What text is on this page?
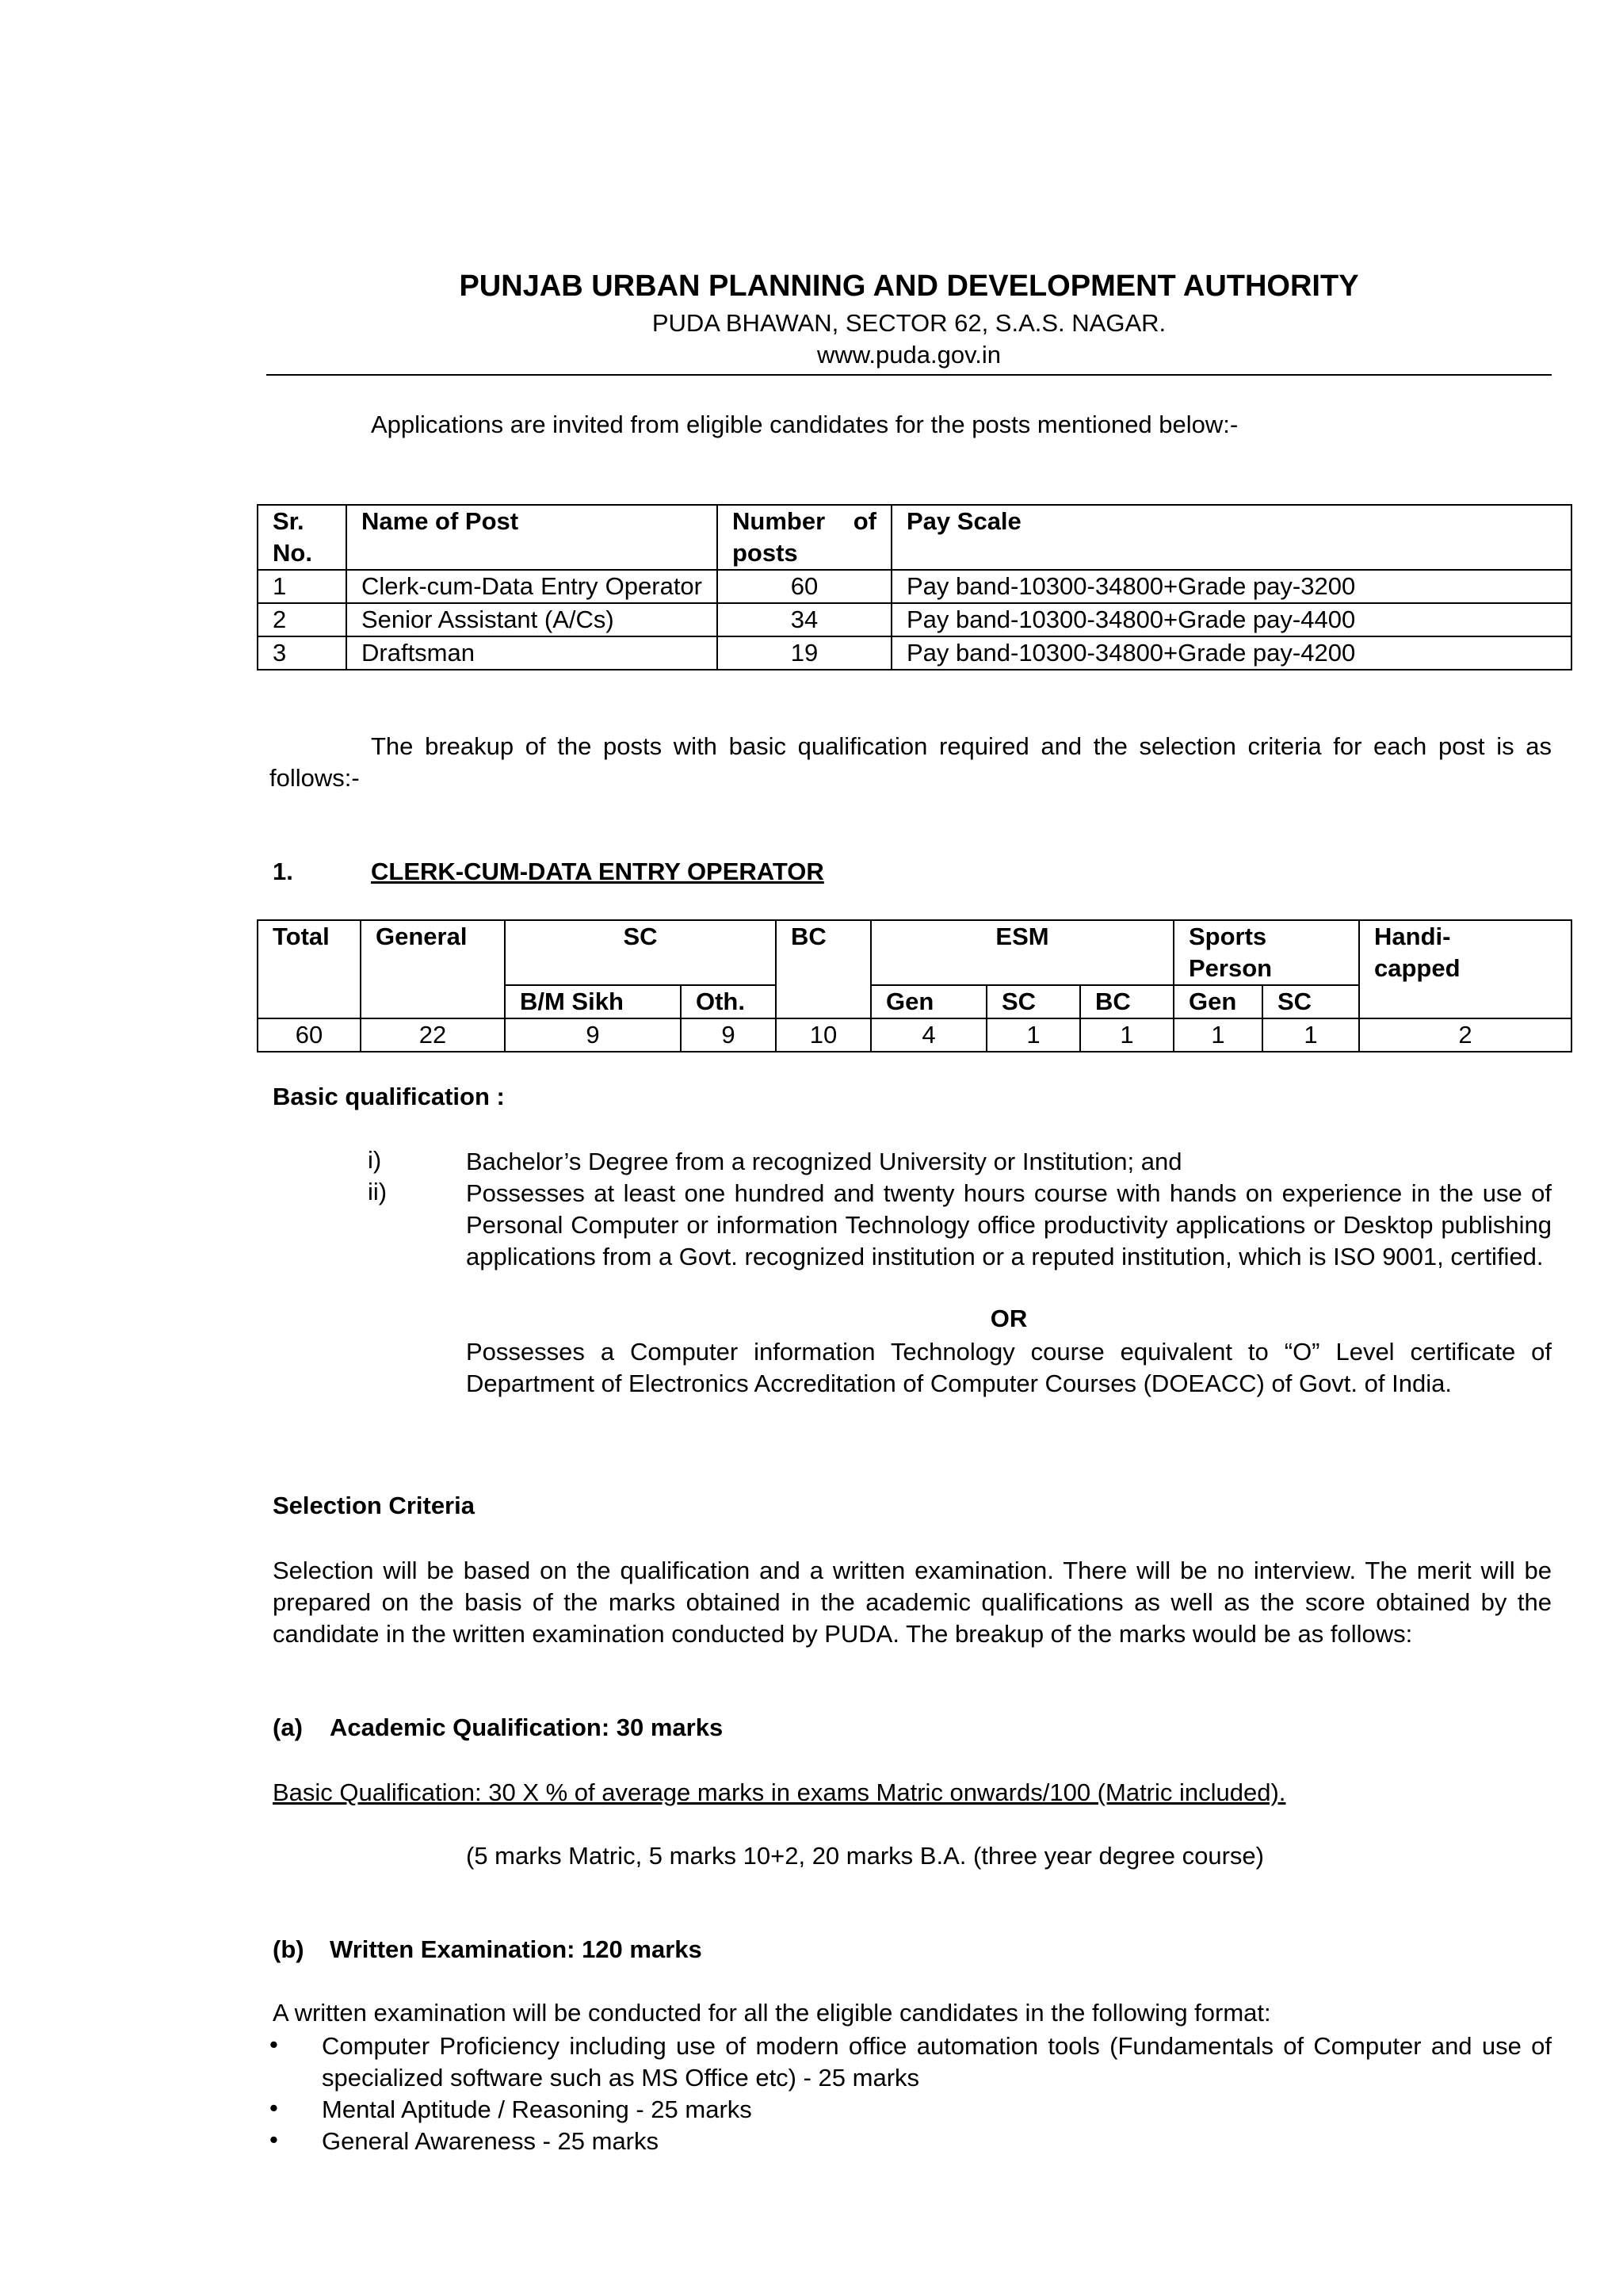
PUNJAB URBAN PLANNING AND DEVELOPMENT AUTHORITY
PUDA BHAWAN, SECTOR 62, S.A.S. NAGAR.
www.puda.gov.in
Applications are invited from eligible candidates for the posts mentioned below:-
Sr. No.	Name of Post	Number of posts	Pay Scale
1	Clerk-cum-Data Entry Operator	60	Pay band-10300-34800+Grade pay-3200
2	Senior Assistant (A/Cs)	34	Pay band-10300-34800+Grade pay-4400
3	Draftsman	19	Pay band-10300-34800+Grade pay-4200
The breakup of the posts with basic qualification required and the selection criteria for each post is as follows:-
1.	CLERK-CUM-DATA ENTRY OPERATOR
Total	General	SC		BC	ESM			Sports Person		Handi-capped
		B/M Sikh	Oth.		Gen	SC	BC	Gen	SC	
60	22	9	9	10	4	1	1	1	1	2
Basic qualification :
i)	Bachelor’s Degree from a recognized University or Institution; and
ii)	Possesses at least one hundred and twenty hours course with hands on experience in the use of Personal Computer or information Technology office productivity applications or Desktop publishing applications from a Govt. recognized institution or a reputed institution, which is ISO 9001, certified.
OR
Possesses a Computer information Technology course equivalent to “O” Level certificate of Department of Electronics Accreditation of Computer Courses (DOEACC) of Govt. of India.
Selection Criteria
Selection will be based on the qualification and a written examination. There will be no interview. The merit will be prepared on the basis of the marks obtained in the academic qualifications as well as the score obtained by the candidate in the written examination conducted by PUDA. The breakup of the marks would be as follows:
(a) Academic Qualification: 30 marks
Basic Qualification: 30 X % of average marks in exams Matric onwards/100 (Matric included).
(5 marks Matric, 5 marks 10+2, 20 marks B.A. (three year degree course)
(b) Written Examination: 120 marks
A written examination will be conducted for all the eligible candidates in the following format:
• Computer Proficiency including use of modern office automation tools (Fundamentals of Computer and use of specialized software such as MS Office etc) - 25 marks
• Mental Aptitude / Reasoning - 25 marks
• General Awareness - 25 marks
